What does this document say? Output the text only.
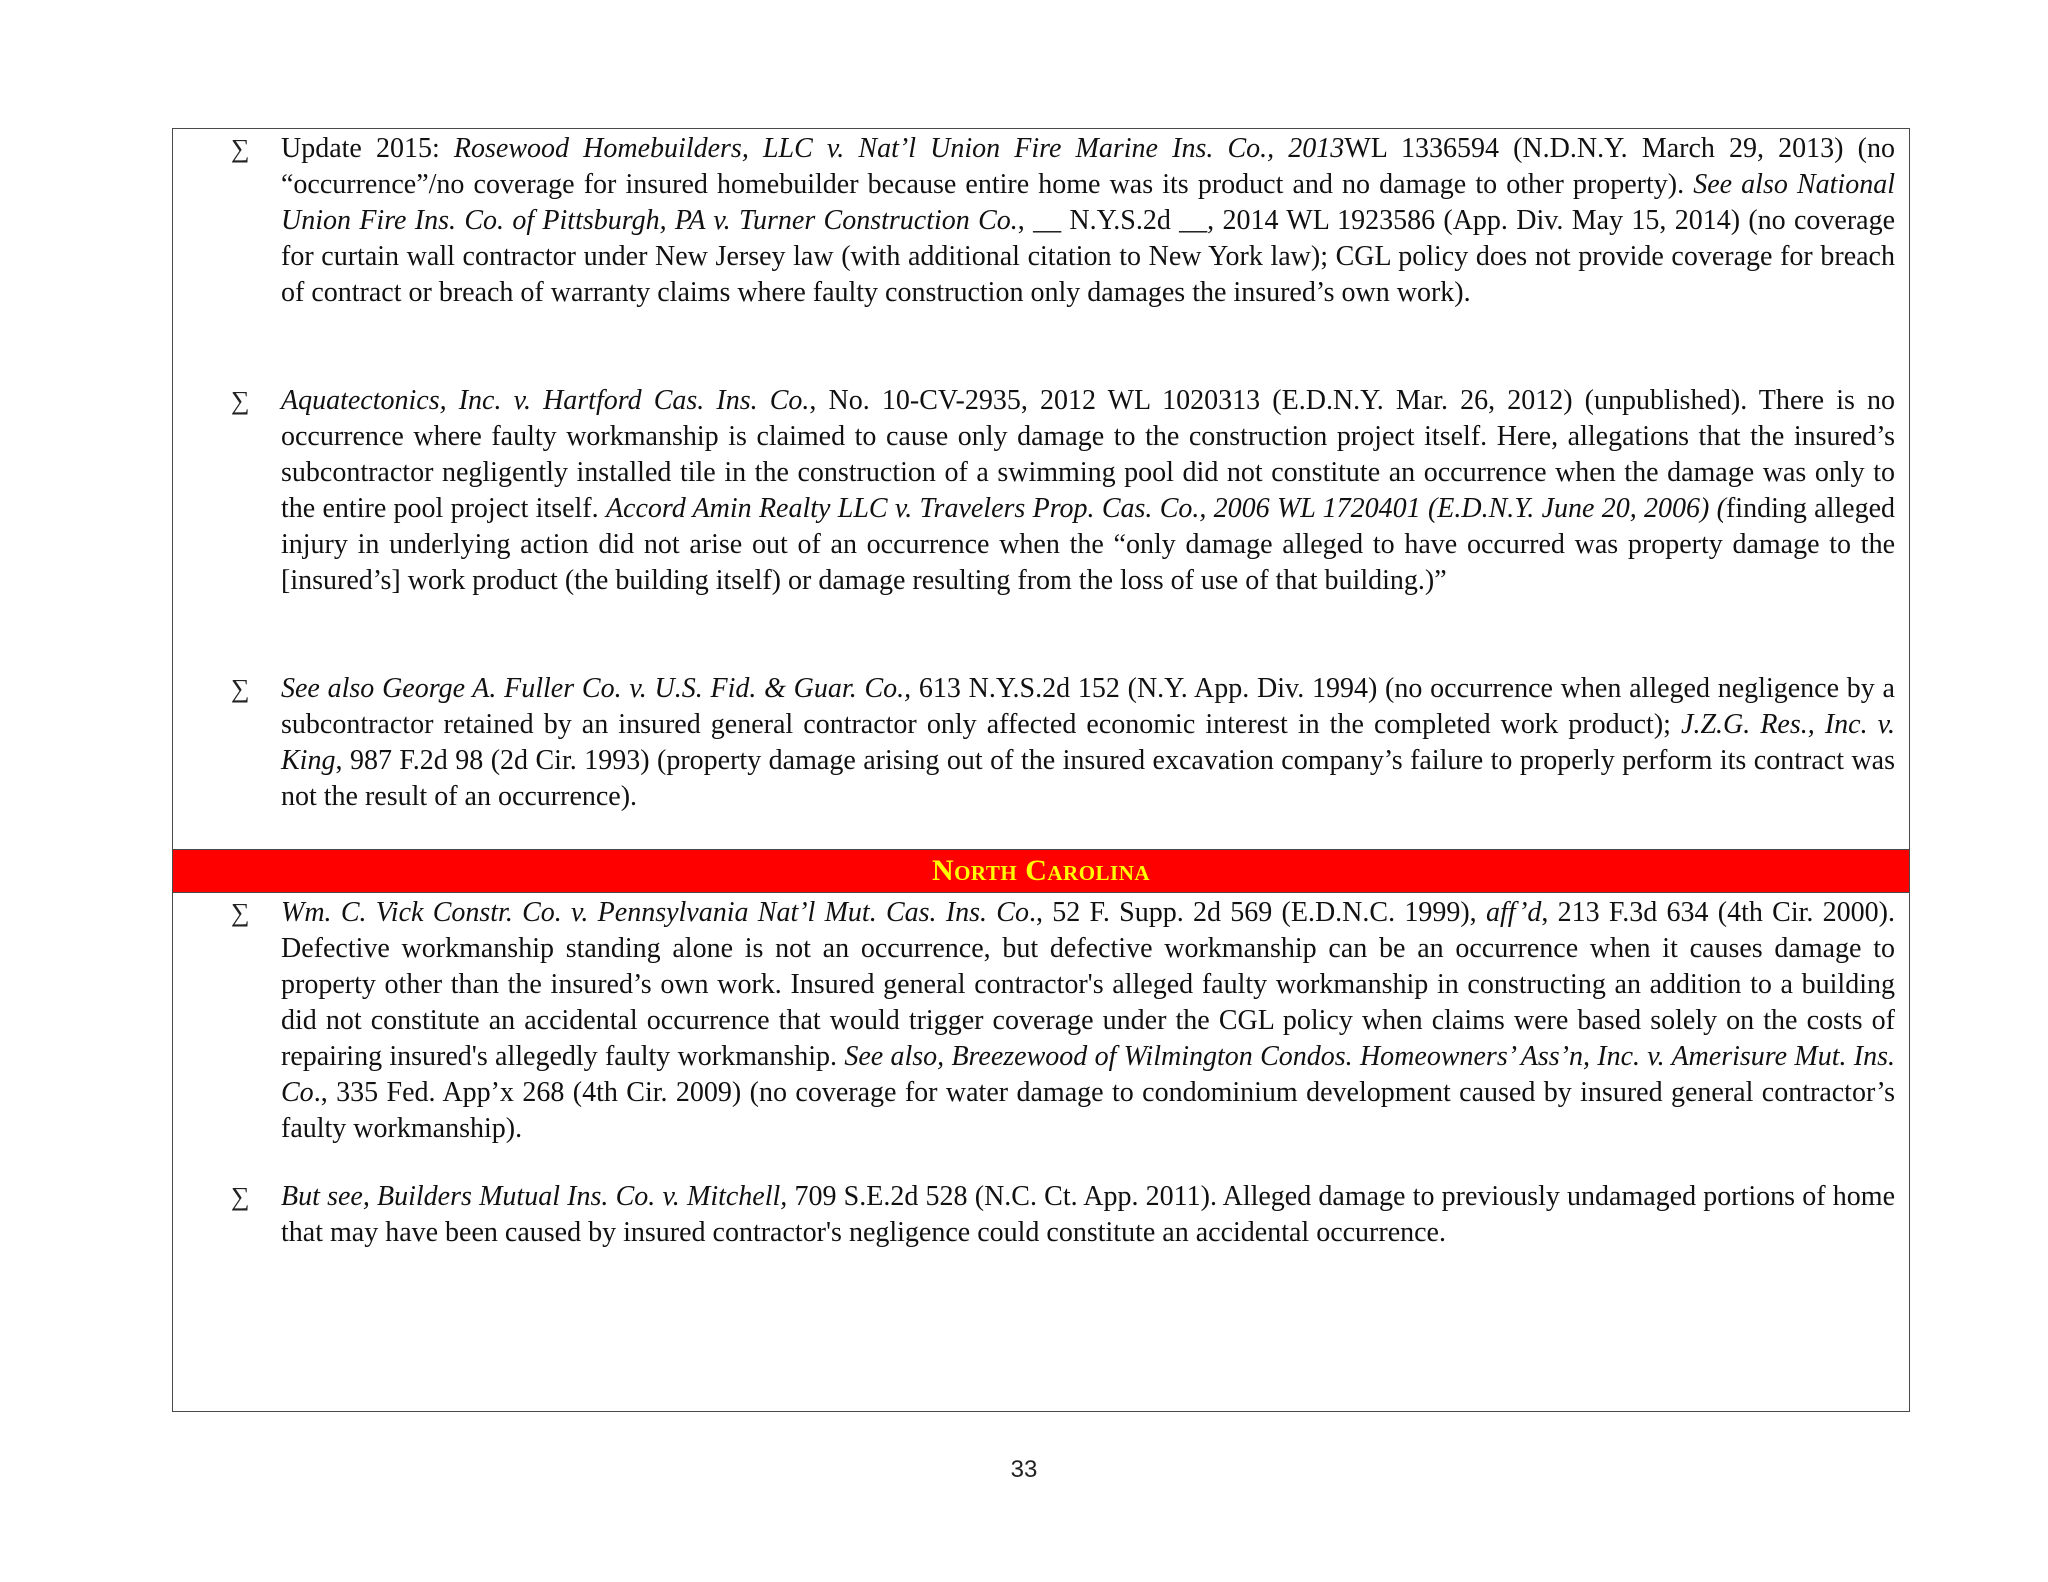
∑ Update 2015: Rosewood Homebuilders, LLC v. Nat’l Union Fire Marine Ins. Co., 2013WL 1336594 (N.D.N.Y. March 29, 2013) (no “occurrence”/no coverage for insured homebuilder because entire home was its product and no damage to other property). See also National Union Fire Ins. Co. of Pittsburgh, PA v. Turner Construction Co., __ N.Y.S.2d __, 2014 WL 1923586 (App. Div. May 15, 2014) (no coverage for curtain wall contractor under New Jersey law (with additional citation to New York law); CGL policy does not provide coverage for breach of contract or breach of warranty claims where faulty construction only damages the insured’s own work).
∑ Aquatectonics, Inc. v. Hartford Cas. Ins. Co., No. 10-CV-2935, 2012 WL 1020313 (E.D.N.Y. Mar. 26, 2012) (unpublished). There is no occurrence where faulty workmanship is claimed to cause only damage to the construction project itself. Here, allegations that the insured’s subcontractor negligently installed tile in the construction of a swimming pool did not constitute an occurrence when the damage was only to the entire pool project itself. Accord Amin Realty LLC v. Travelers Prop. Cas. Co., 2006 WL 1720401 (E.D.N.Y. June 20, 2006) (finding alleged injury in underlying action did not arise out of an occurrence when the “only damage alleged to have occurred was property damage to the [insured’s] work product (the building itself) or damage resulting from the loss of use of that building.)”
∑ See also George A. Fuller Co. v. U.S. Fid. & Guar. Co., 613 N.Y.S.2d 152 (N.Y. App. Div. 1994) (no occurrence when alleged negligence by a subcontractor retained by an insured general contractor only affected economic interest in the completed work product); J.Z.G. Res., Inc. v. King, 987 F.2d 98 (2d Cir. 1993) (property damage arising out of the insured excavation company’s failure to properly perform its contract was not the result of an occurrence).
North Carolina
∑ Wm. C. Vick Constr. Co. v. Pennsylvania Nat’l Mut. Cas. Ins. Co., 52 F. Supp. 2d 569 (E.D.N.C. 1999), aff’d, 213 F.3d 634 (4th Cir. 2000). Defective workmanship standing alone is not an occurrence, but defective workmanship can be an occurrence when it causes damage to property other than the insured’s own work. Insured general contractor's alleged faulty workmanship in constructing an addition to a building did not constitute an accidental occurrence that would trigger coverage under the CGL policy when claims were based solely on the costs of repairing insured's allegedly faulty workmanship. See also, Breezewood of Wilmington Condos. Homeowners’ Ass’n, Inc. v. Amerisure Mut. Ins. Co., 335 Fed. App’x 268 (4th Cir. 2009) (no coverage for water damage to condominium development caused by insured general contractor’s faulty workmanship).
∑ But see, Builders Mutual Ins. Co. v. Mitchell, 709 S.E.2d 528 (N.C. Ct. App. 2011). Alleged damage to previously undamaged portions of home that may have been caused by insured contractor's negligence could constitute an accidental occurrence.
33
